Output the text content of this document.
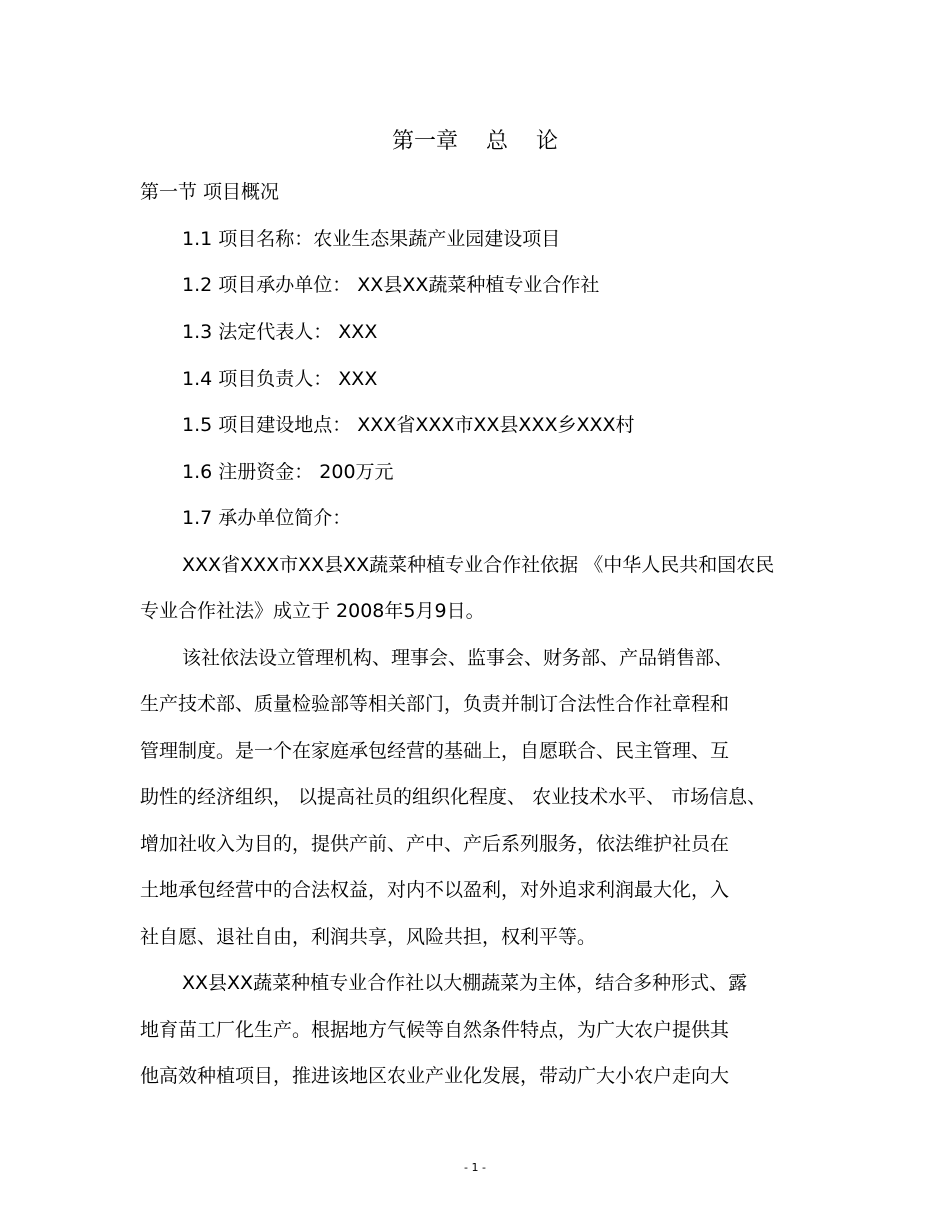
第一章    总    论
第一节 项目概况
1.1 项目名称：农业生态果蔬产业园建设项目
1.2 项目承办单位： XX县XX蔬菜种植专业合作社
1.3 法定代表人： XXX
1.4 项目负责人： XXX
1.5 项目建设地点： XXX省XXX市XX县XXX乡XXX村
1.6 注册资金： 200万元
1.7 承办单位简介：
XXX省XXX市XX县XX蔬菜种植专业合作社依据 《中华人民共和国农民
专业合作社法》成立于 2008年5月9日。
该社依法设立管理机构、理事会、监事会、财务部、产品销售部、
生产技术部、质量检验部等相关部门，负责并制订合法性合作社章程和
管理制度。是一个在家庭承包经营的基础上，自愿联合、民主管理、互
助性的经济组织， 以提高社员的组织化程度、 农业技术水平、 市场信息、
增加社收入为目的，提供产前、产中、产后系列服务，依法维护社员在
土地承包经营中的合法权益，对内不以盈利，对外追求利润最大化，入
社自愿、退社自由，利润共享，风险共担，权利平等。
XX县XX蔬菜种植专业合作社以大棚蔬菜为主体，结合多种形式、露
地育苗工厂化生产。根据地方气候等自然条件特点，为广大农户提供其
他高效种植项目，推进该地区农业产业化发展，带动广大小农户走向大
- 1 -
